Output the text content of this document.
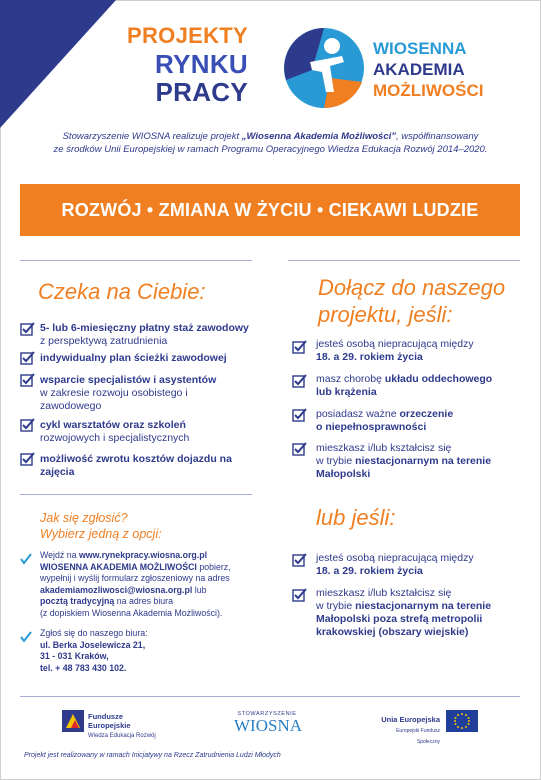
PROJEKTY
RYNKU
PRACY
WIOSENNA
AKADEMIA
MOŻLIWOŚCI
Stowarzyszenie WIOSNA realizuje projekt „Wiosenna Akademia Możliwości”, współfinansowany
ze środków Unii Europejskiej w ramach Programu Operacyjnego Wiedza Edukacja Rozwój 2014–2020.
ROZWÓJ • ZMIANA W ŻYCIU • CIEKAWI LUDZIE
Czeka na Ciebie:
5- lub 6-miesięczny płatny staż zawodowy z perspektywą zatrudnienia
indywidualny plan ścieżki zawodowej
wsparcie specjalistów i asystentów
w zakresie rozwoju osobistego i zawodowego
cykl warsztatów oraz szkoleń
rozwojowych i specjalistycznych
możliwość zwrotu kosztów dojazdu na zajęcia
Jak się zgłosić?
Wybierz jedną z opcji:
Wejdź na www.rynekpracy.wiosna.org.pl
WIOSENNA AKADEMIA MOŻLIWOŚCI pobierz,
wypełnij i wyślij formularz zgłoszeniowy na adres
akademiamozliwosci@wiosna.org.pl lub
pocztą tradycyjną na adres biura
(z dopiskiem Wiosenna Akademia Możliwości).
Zgłoś się do naszego biura:
ul. Berka Joselewicza 21,
31 - 031 Kraków,
tel. + 48 783 430 102.
Dołącz do naszego
projektu, jeśli:
jesteś osobą niepracującą między
18. a 29. rokiem życia
masz chorobę układu oddechowego
lub krążenia
posiadasz ważne orzeczenie
o niepełnosprawności
mieszkasz i/lub kształcisz się
w trybie niestacjonarnym na terenie
Małopolski
lub jeśli:
jesteś osobą niepracującą między
18. a 29. rokiem życia
mieszkasz i/lub kształcisz się
w trybie niestacjonarnym na terenie
Małopolski poza strefą metropolii
krakowskiej (obszary wiejskie)
Fundusze
Europejskie
Wiedza Edukacja Rozwój
STOWARZYSZENIE
WIOSNA	Unia Europejska
Europejski Fundusz Społeczny
Projekt jest realizowany w ramach Inicjatywy na Rzecz Zatrudnienia Ludzi Młodych
